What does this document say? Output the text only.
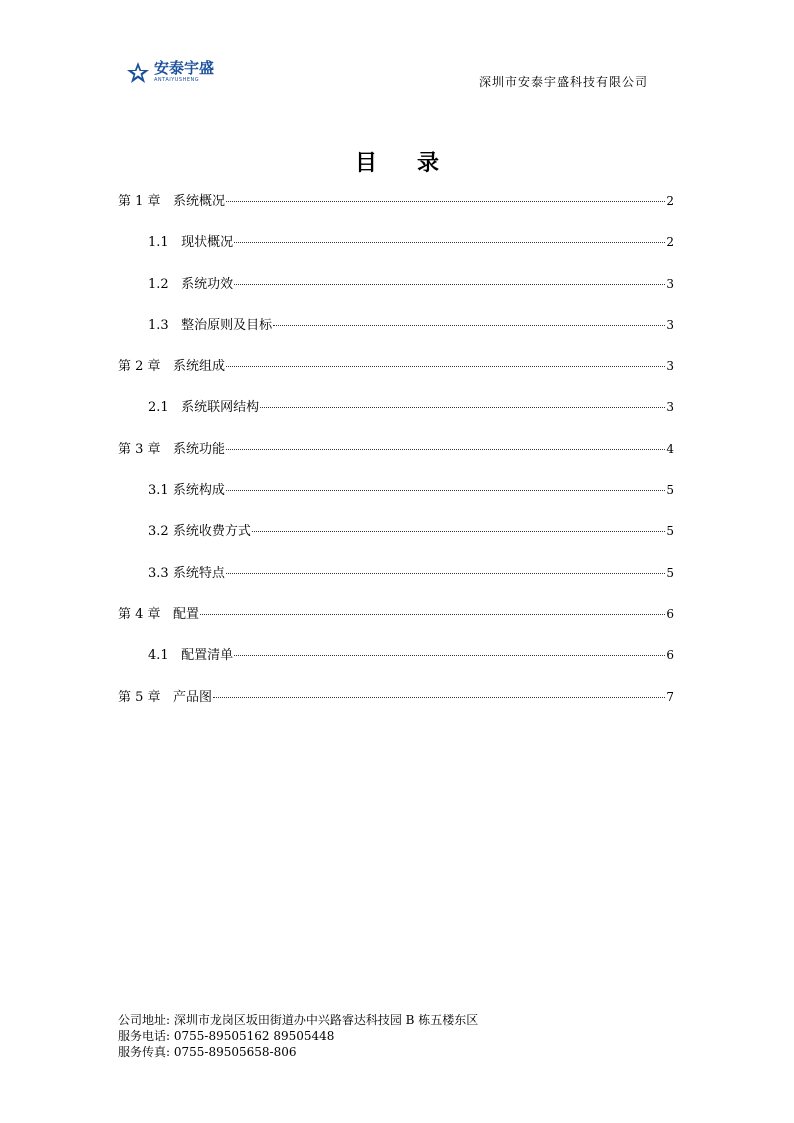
安泰宇盛
ANTAIYUSHENG	深圳市安泰宇盛科技有限公司
目录
第 1 章 系统概况	2
1.1 现状概况	2
1.2 系统功效	3
1.3 整治原则及目标	3
第 2 章 系统组成	3
2.1 系统联网结构	3
第 3 章 系统功能	4
3.1 系统构成	5
3.2 系统收费方式	5
3.3 系统特点	5
第 4 章 配置	6
4.1 配置清单	6
第 5 章 产品图	7
公司地址: 深圳市龙岗区坂田街道办中兴路睿达科技园 B 栋五楼东区
服务电话: 0755-89505162 89505448
服务传真: 0755-89505658-806
